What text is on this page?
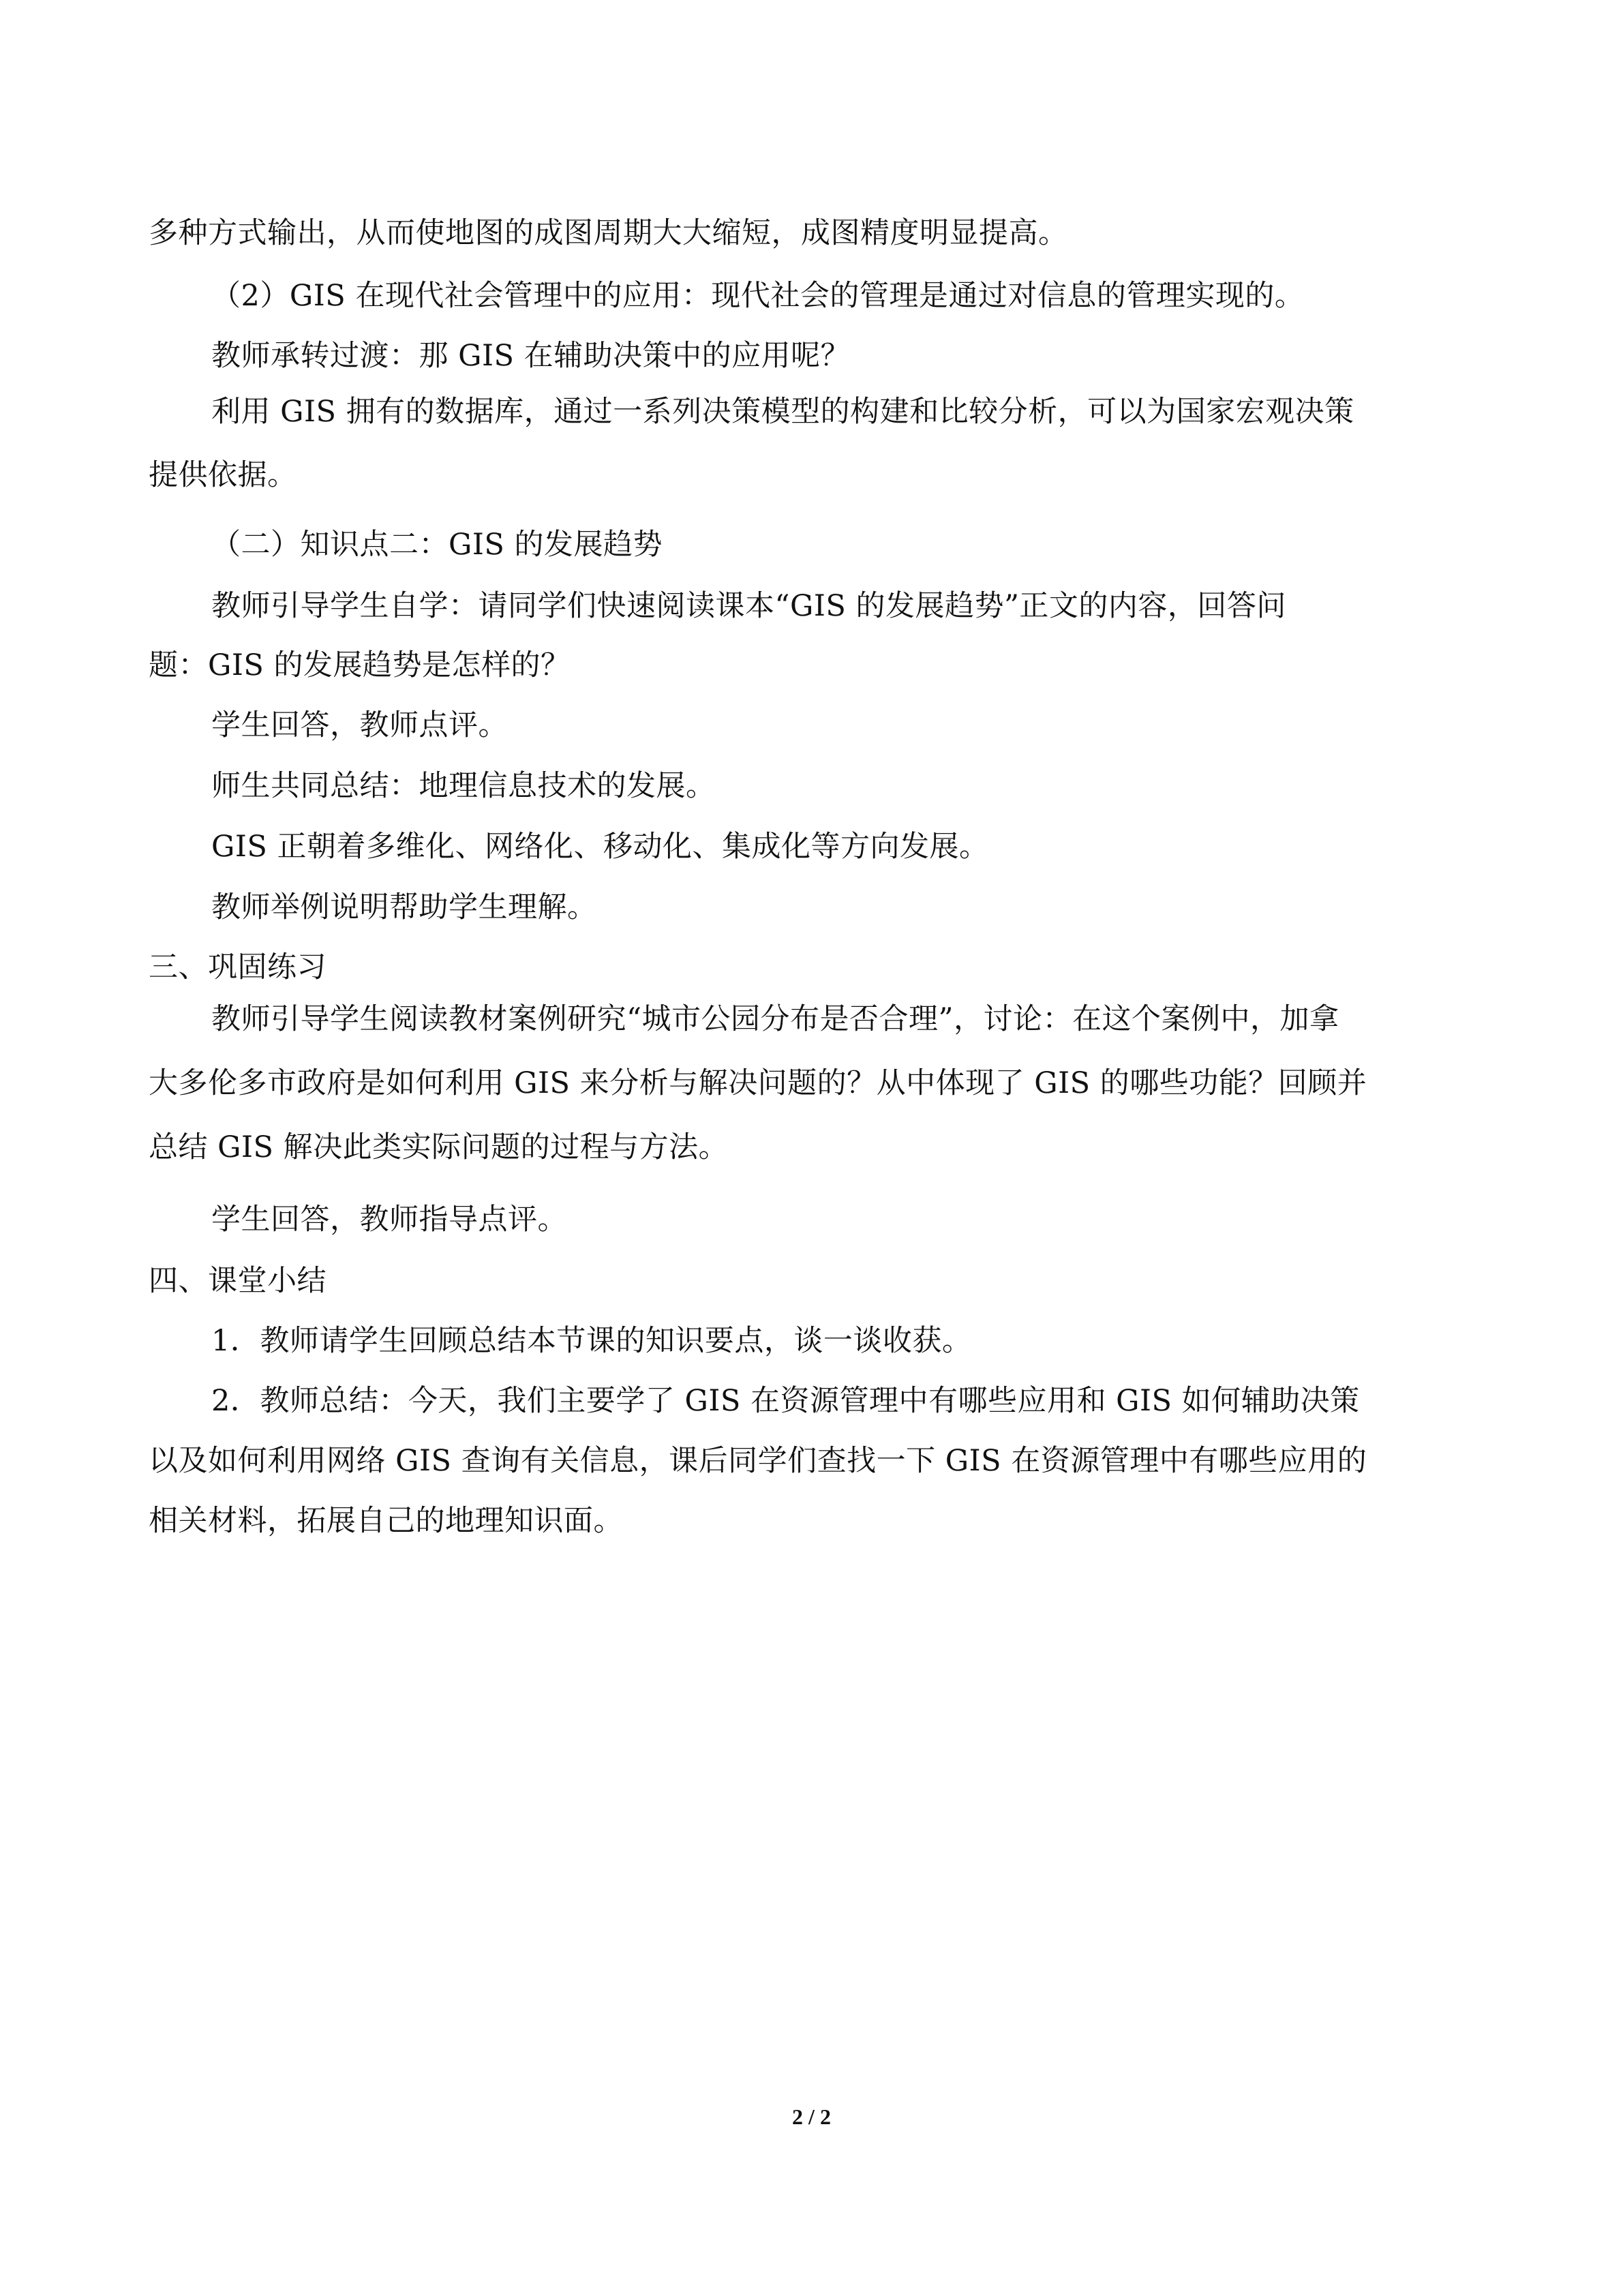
多种方式输出，从而使地图的成图周期大大缩短，成图精度明显提高。
（2）GIS 在现代社会管理中的应用：现代社会的管理是通过对信息的管理实现的。
教师承转过渡：那 GIS 在辅助决策中的应用呢？
利用 GIS 拥有的数据库，通过一系列决策模型的构建和比较分析，可以为国家宏观决策
提供依据。
（二）知识点二：GIS 的发展趋势
教师引导学生自学：请同学们快速阅读课本“GIS 的发展趋势”正文的内容，回答问
题：GIS 的发展趋势是怎样的？
学生回答，教师点评。
师生共同总结：地理信息技术的发展。
GIS 正朝着多维化、网络化、移动化、集成化等方向发展。
教师举例说明帮助学生理解。
三、巩固练习
教师引导学生阅读教材案例研究“城市公园分布是否合理”，讨论：在这个案例中，加拿
大多伦多市政府是如何利用 GIS 来分析与解决问题的？从中体现了 GIS 的哪些功能？回顾并
总结 GIS 解决此类实际问题的过程与方法。
学生回答，教师指导点评。
四、课堂小结
1．教师请学生回顾总结本节课的知识要点，谈一谈收获。
2．教师总结：今天，我们主要学了 GIS 在资源管理中有哪些应用和 GIS 如何辅助决策
以及如何利用网络 GIS 查询有关信息，课后同学们查找一下 GIS 在资源管理中有哪些应用的
相关材料，拓展自己的地理知识面。
2 / 2
